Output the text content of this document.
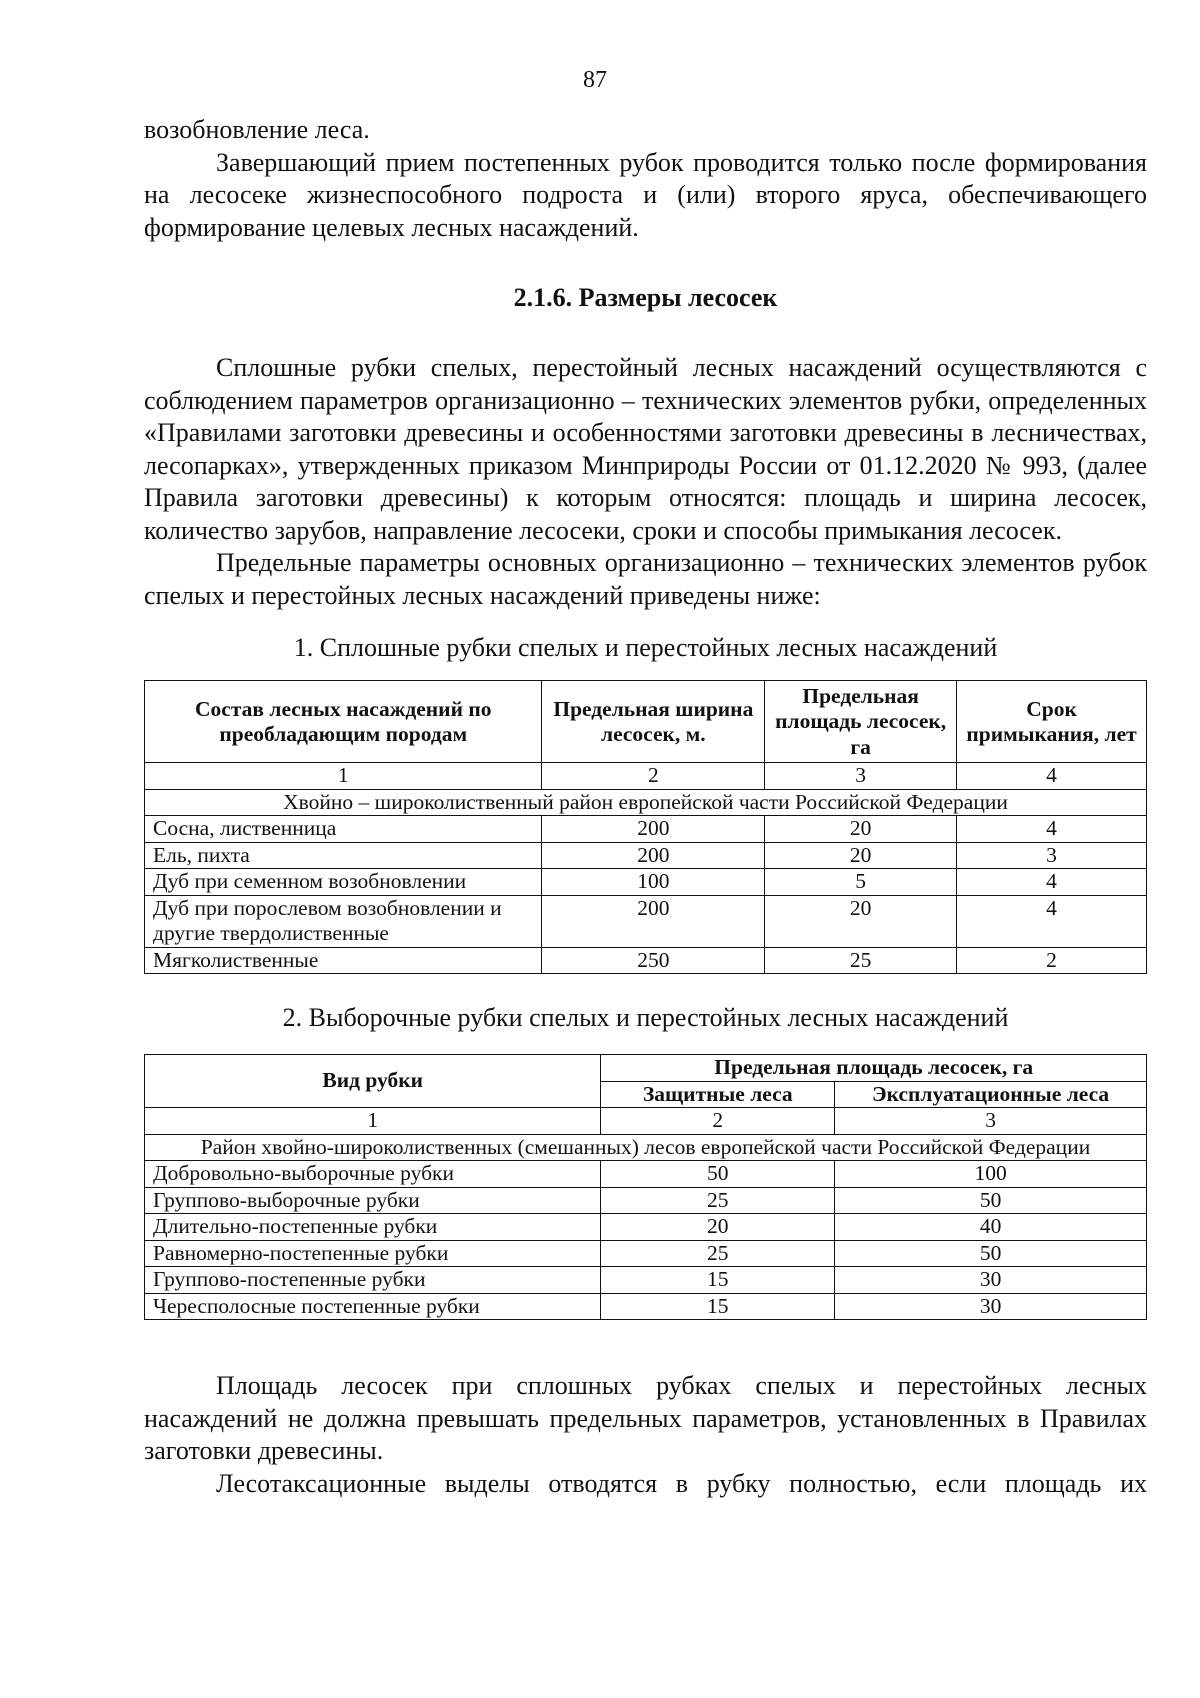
87

возобновление леса.

Завершающий прием постепенных рубок проводится только после формирования на лесосеке жизнеспособного подроста и (или) второго яруса, обеспечивающего формирование целевых лесных насаждений.

2.1.6. Размеры лесосек

Сплошные рубки спелых, перестойный лесных насаждений осуществляются с соблюдением параметров организационно – технических элементов рубки, определенных «Правилами заготовки древесины и особенностями заготовки древесины в лесничествах, лесопарках», утвержденных приказом Минприроды России от 01.12.2020 № 993, (далее Правила заготовки древесины) к которым относятся: площадь и ширина лесосек, количество зарубов, направление лесосеки, сроки и способы примыкания лесосек.

Предельные параметры основных организационно – технических элементов рубок спелых и перестойных лесных насаждений приведены ниже:

1. Сплошные рубки спелых и перестойных лесных насаждений
Состав лесных насаждений по преобладающим породам	Предельная ширина лесосек, м.	Предельная площадь лесосек, га	Срок примыкания, лет
1	2	3	4
Хвойно – широколиственный район европейской части Российской Федерации			
Сосна, лиственница	200	20	4
Ель, пихта	200	20	3
Дуб при семенном возобновлении	100	5	4
Дуб при порослевом возобновлении и другие твердолиственные	200	20	4
Мягколиственные	250	25	2
2. Выборочные рубки спелых и перестойных лесных насаждений
Вид рубки	Предельная площадь лесосек, га	
	Защитные леса	Эксплуатационные леса
1	2	3
Район хвойно-широколиственных (смешанных) лесов европейской части Российской Федерации		
Добровольно-выборочные рубки	50	100
Группово-выборочные рубки	25	50
Длительно-постепенные рубки	20	40
Равномерно-постепенные рубки	25	50
Группово-постепенные рубки	15	30
Чересполосные постепенные рубки	15	30

Площадь лесосек при сплошных рубках спелых и перестойных лесных насаждений не должна превышать предельных параметров, установленных в Правилах заготовки древесины.

Лесотаксационные выделы отводятся в рубку полностью, если площадь их
